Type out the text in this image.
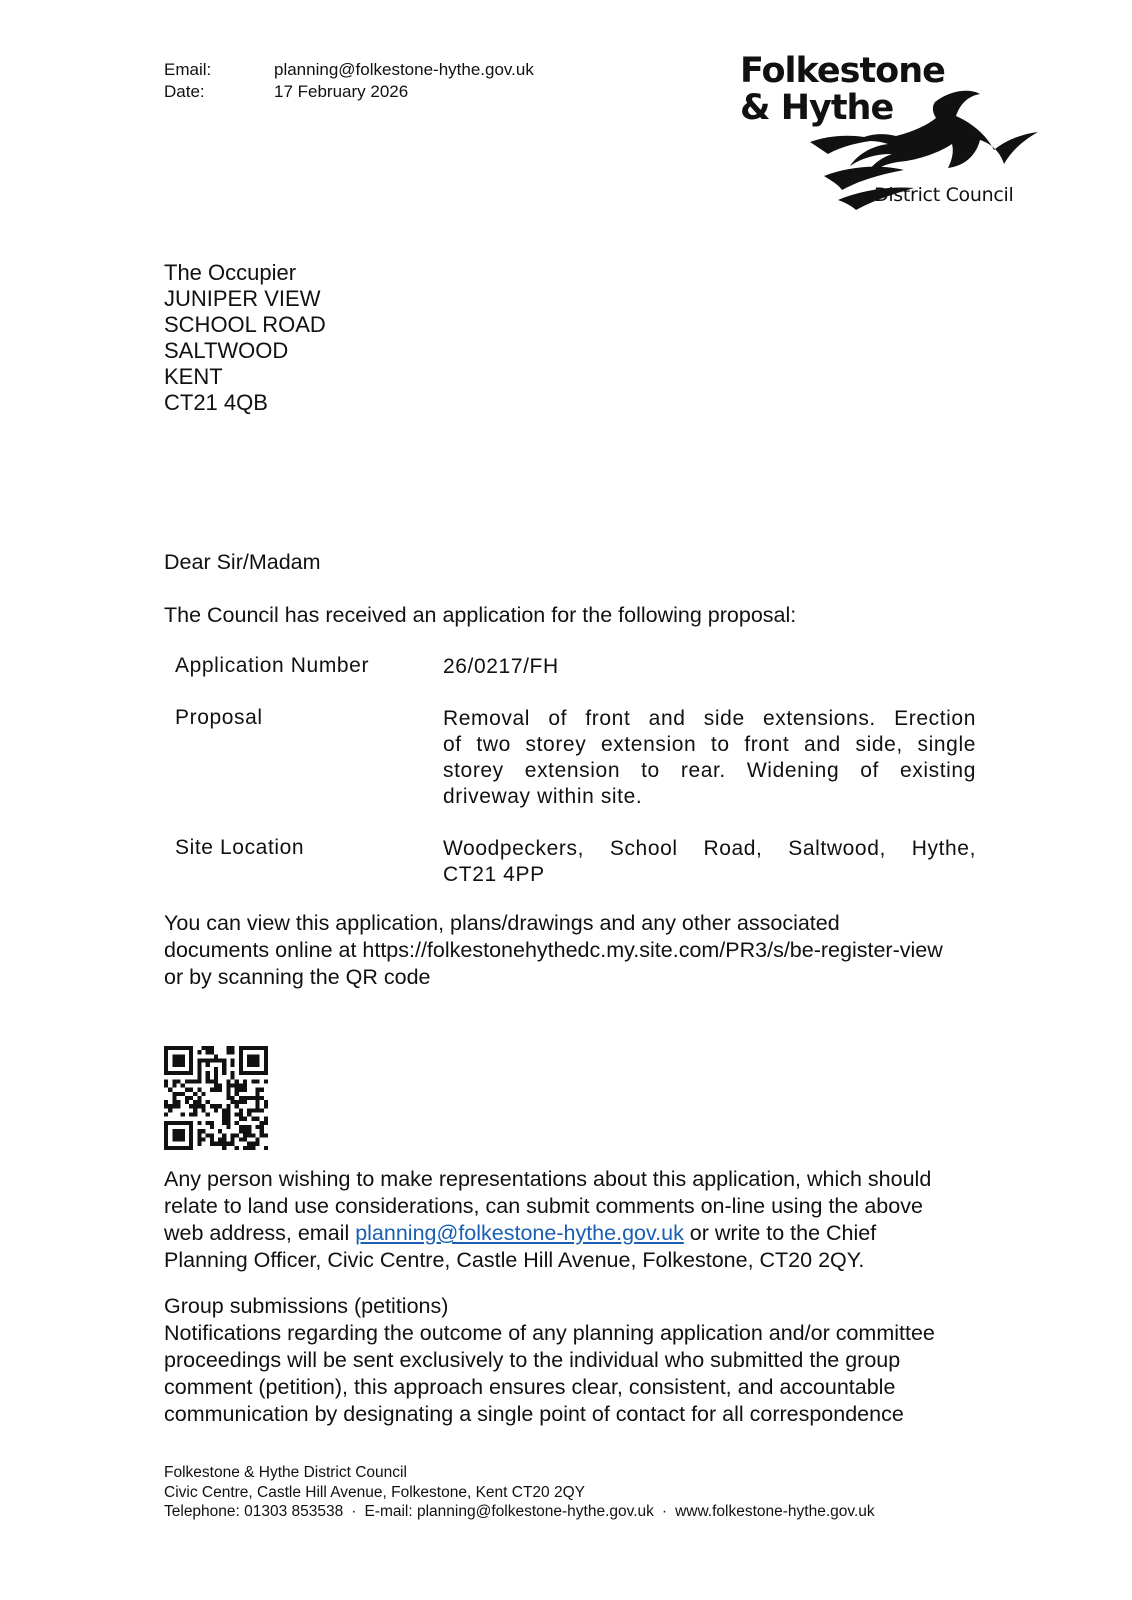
Email:	planning@folkestone-hythe.gov.uk
Date:	17 February 2026
Folkestone
& Hythe
District Council
The Occupier
JUNIPER VIEW
SCHOOL ROAD
SALTWOOD
KENT
CT21 4QB
Dear Sir/Madam
The Council has received an application for the following proposal:
Application Number	26/0217/FH
Proposal	Removal of front and side extensions. Erection
of two storey extension to front and side, single
storey extension to rear. Widening of existing
driveway within site.
Site Location	Woodpeckers, School Road, Saltwood, Hythe,
CT21 4PP
You can view this application, plans/drawings and any other associated
documents online at https://folkestonehythedc.my.site.com/PR3/s/be-register-view
or by scanning the QR code
Any person wishing to make representations about this application, which should
relate to land use considerations, can submit comments on-line using the above
web address, email planning@folkestone-hythe.gov.uk or write to the Chief
Planning Officer, Civic Centre, Castle Hill Avenue, Folkestone, CT20 2QY.
Group submissions (petitions)
Notifications regarding the outcome of any planning application and/or committee
proceedings will be sent exclusively to the individual who submitted the group
comment (petition), this approach ensures clear, consistent, and accountable
communication by designating a single point of contact for all correspondence
Folkestone & Hythe District Council
Civic Centre, Castle Hill Avenue, Folkestone, Kent CT20 2QY
Telephone: 01303 853538 · E-mail: planning@folkestone-hythe.gov.uk · www.folkestone-hythe.gov.uk
